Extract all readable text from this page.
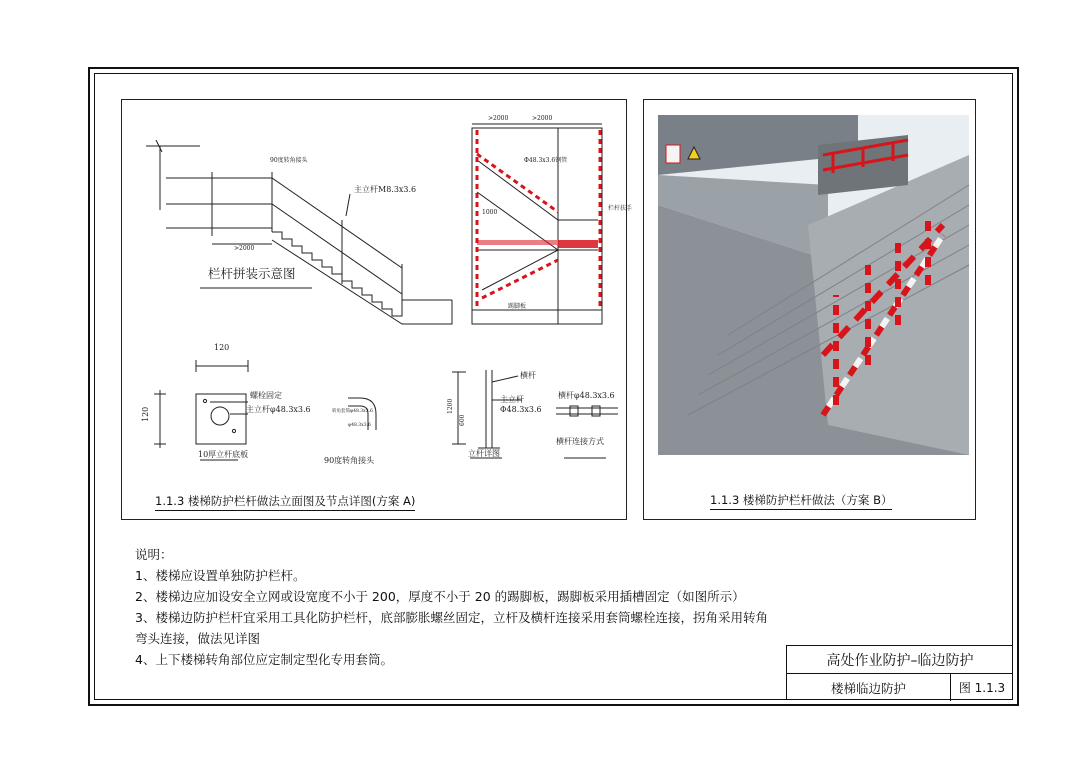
90度转角接头
>2000
>2000	>2000
Φ48.3x3.6钢管
栏杆扶手
踢脚板
1000
主立杆M8.3x3.6
栏杆拼装示意图
120
120
螺栓固定
主立杆φ48.3x3.6
10厚立杆底板
90度转角接头
横杆
主立杆
Φ48.3x3.6
立杆详图
横杆φ48.3x3.6
横杆连接方式
转角套筒φ48.3x3.6
φ48.3x3.6
1200
600
1.1.3 楼梯防护栏杆做法立面图及节点详图(方案 A)	1.1.3 楼梯防护栏杆做法（方案 B）
说明：
1、楼梯应设置单独防护栏杆。
2、楼梯边应加设安全立网或设宽度不小于 200，厚度不小于 20 的踢脚板，踢脚板采用插槽固定（如图所示）
3、楼梯边防护栏杆宜采用工具化防护栏杆，底部膨胀螺丝固定，立杆及横杆连接采用套筒螺栓连接，拐角采用转角弯头连接，做法见详图
4、上下楼梯转角部位应定制定型化专用套筒。	高处作业防护–临边防护
楼梯临边防护	图 1.1.3
